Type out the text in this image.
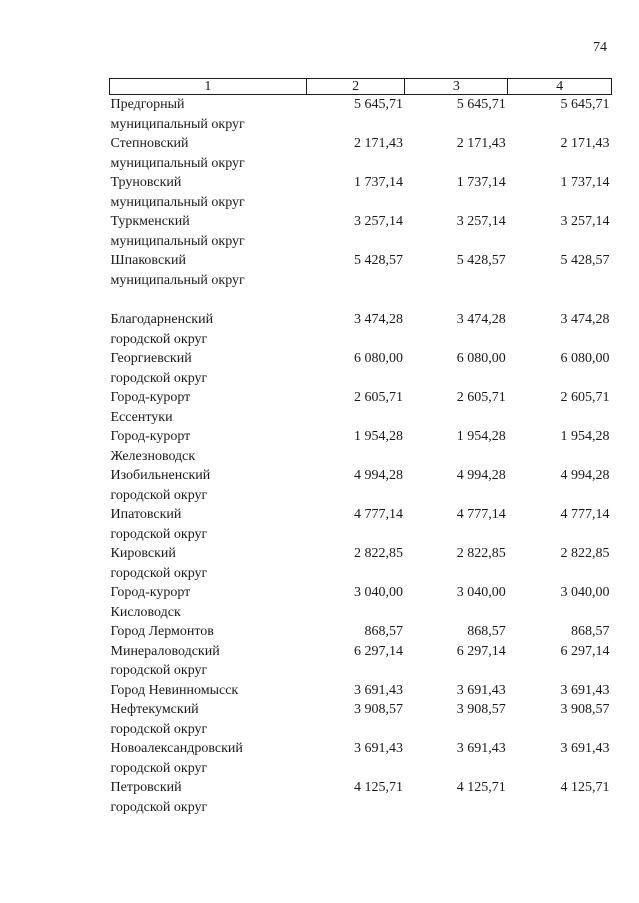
74
1	2	3	4

Предгорный
муниципальный округ	5 645,71	5 645,71	5 645,71

Степновский
муниципальный округ	2 171,43	2 171,43	2 171,43

Труновский
муниципальный округ	1 737,14	1 737,14	1 737,14

Туркменский
муниципальный округ	3 257,14	3 257,14	3 257,14

Шпаковский
муниципальный округ	5 428,57	5 428,57	5 428,57

Благодарненский
городской округ	3 474,28	3 474,28	3 474,28

Георгиевский
городской округ	6 080,00	6 080,00	6 080,00

Город-курорт
Ессентуки	2 605,71	2 605,71	2 605,71

Город-курорт
Железноводск	1 954,28	1 954,28	1 954,28

Изобильненский
городской округ	4 994,28	4 994,28	4 994,28

Ипатовский
городской округ	4 777,14	4 777,14	4 777,14

Кировский
городской округ	2 822,85	2 822,85	2 822,85

Город-курорт
Кисловодск	3 040,00	3 040,00	3 040,00

Город Лермонтов	868,57	868,57	868,57

Минераловодский
городской округ	6 297,14	6 297,14	6 297,14

Город Невинномысск	3 691,43	3 691,43	3 691,43

Нефтекумский
городской округ	3 908,57	3 908,57	3 908,57

Новоалександровский
городской округ	3 691,43	3 691,43	3 691,43

Петровский
городской округ	4 125,71	4 125,71	4 125,71
